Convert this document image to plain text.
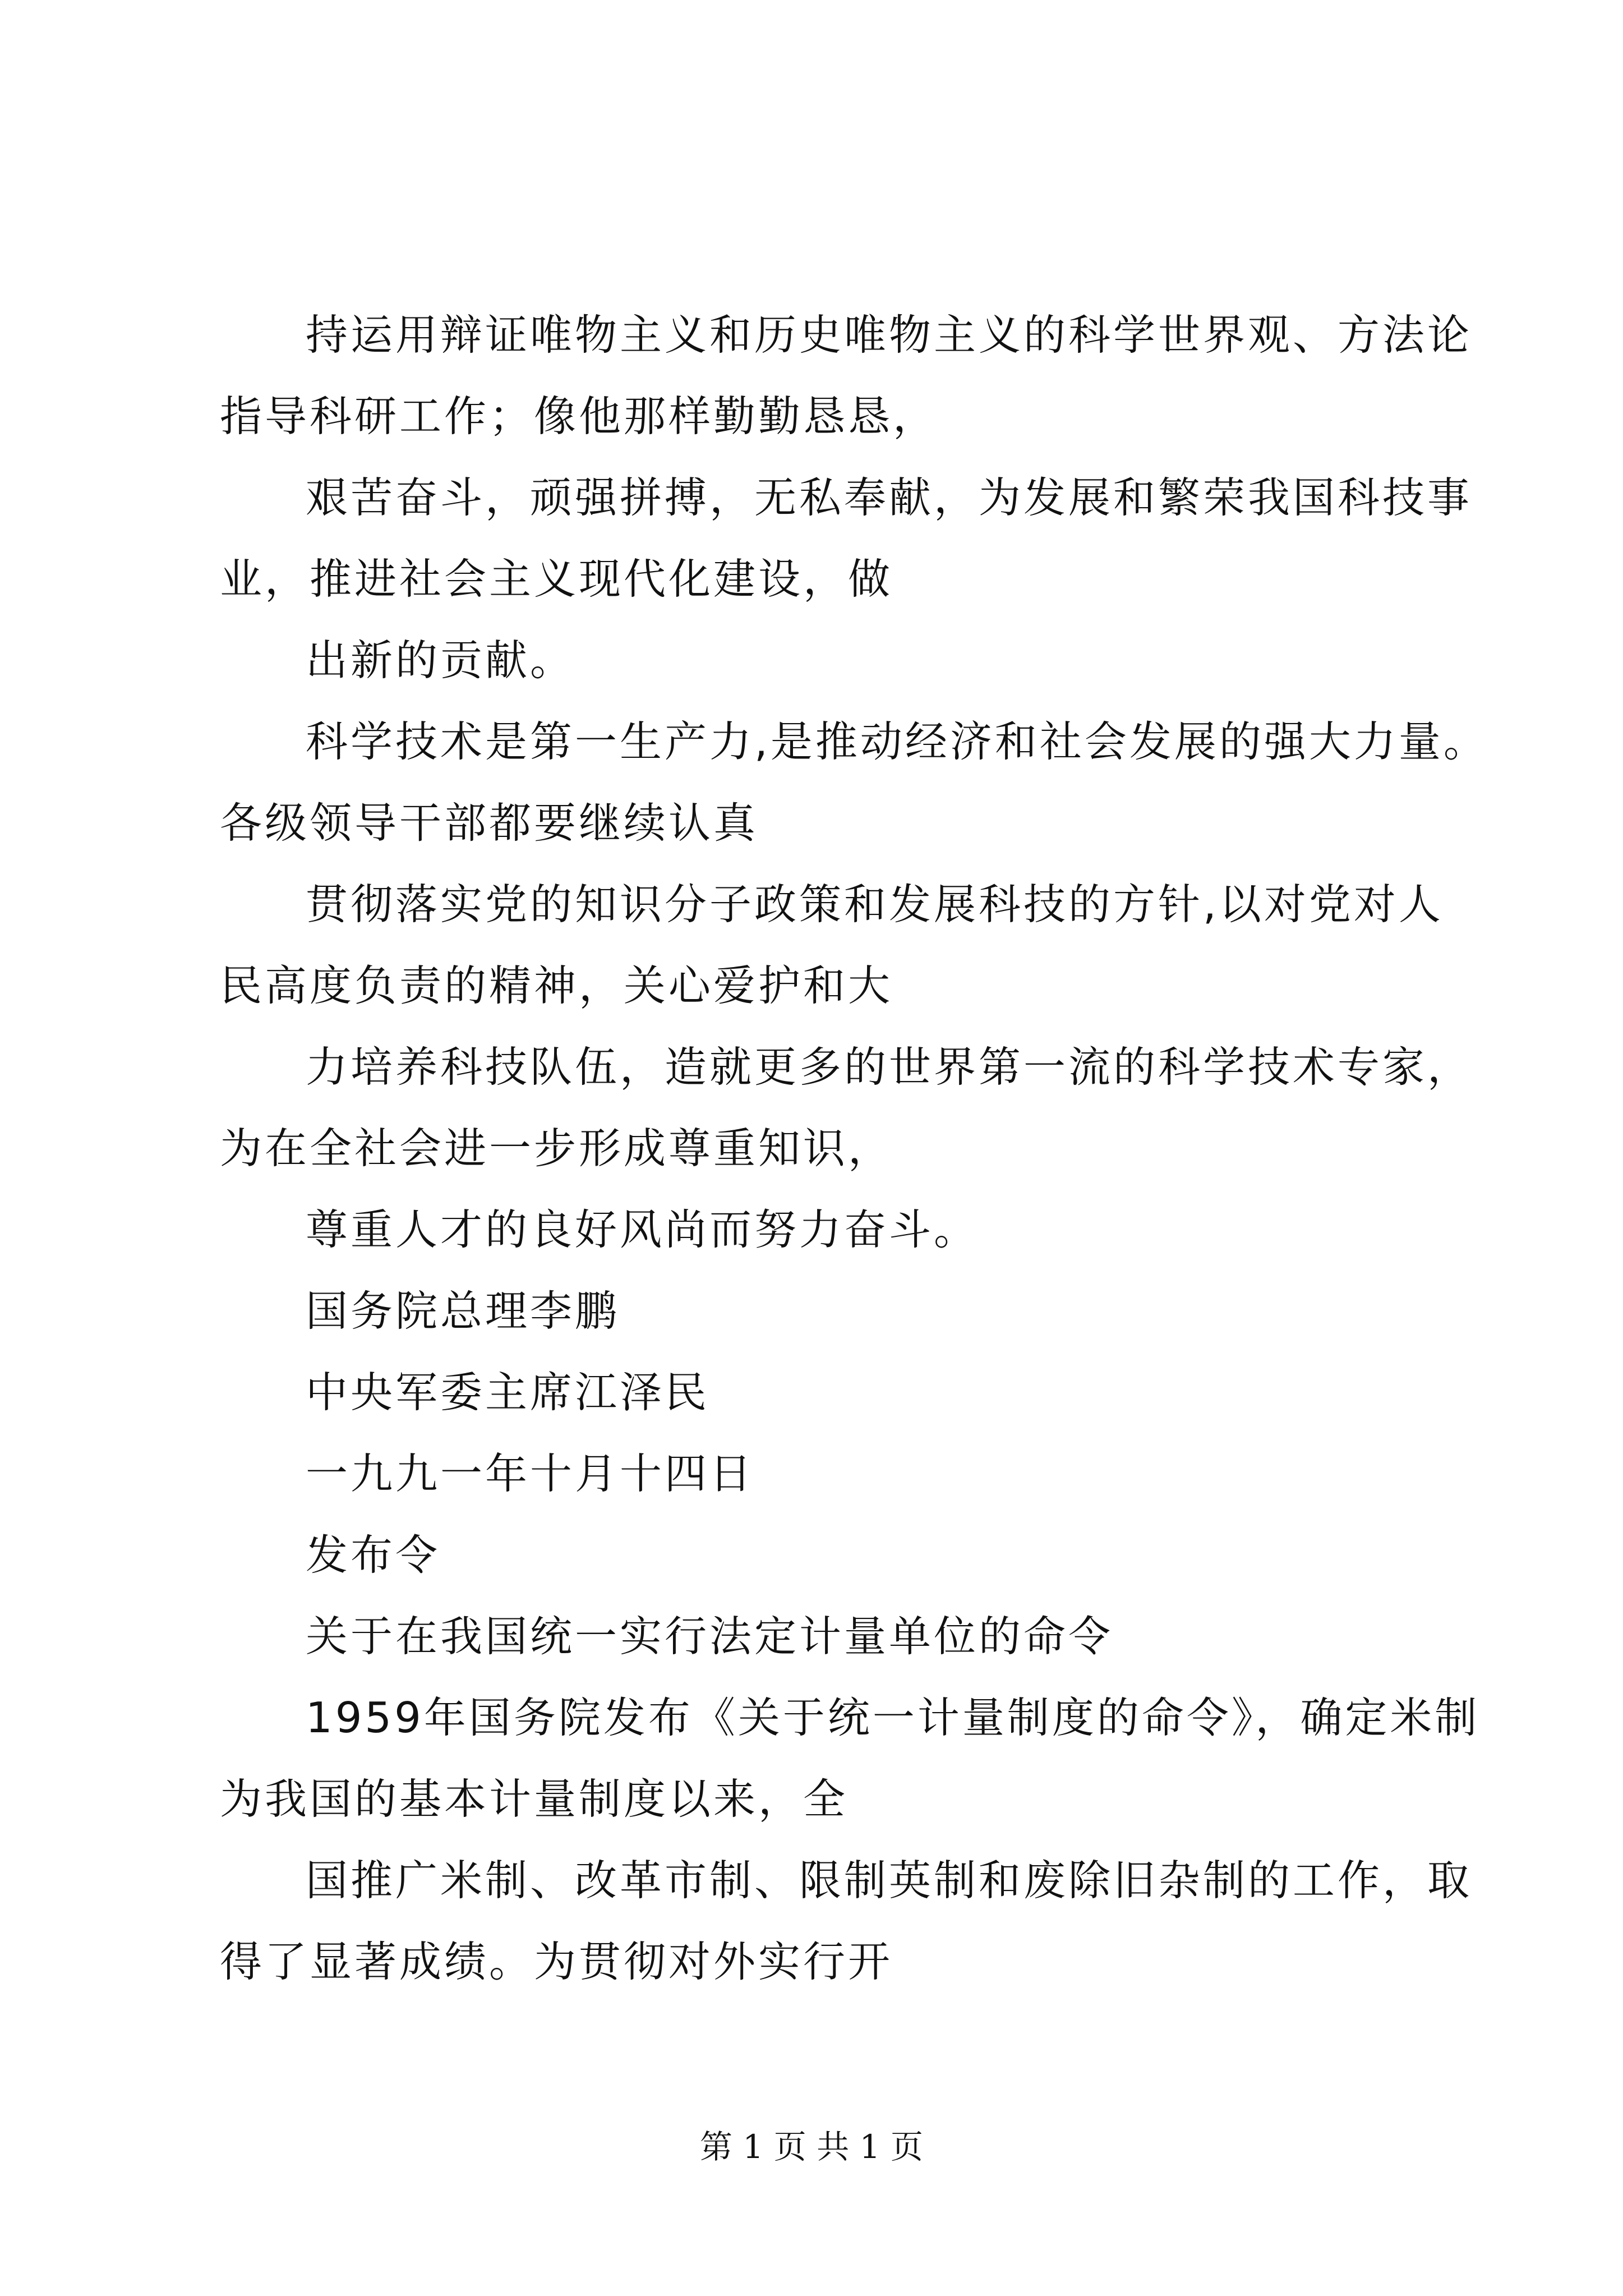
持运用辩证唯物主义和历史唯物主义的科学世界观、方法论
指导科研工作；像他那样勤勤恳恳，
艰苦奋斗，顽强拼搏，无私奉献，为发展和繁荣我国科技事
业，推进社会主义现代化建设，做
出新的贡献。
科学技术是第一生产力,是推动经济和社会发展的强大力量。
各级领导干部都要继续认真
贯彻落实党的知识分子政策和发展科技的方针,以对党对人
民高度负责的精神，关心爱护和大
力培养科技队伍，造就更多的世界第一流的科学技术专家，
为在全社会进一步形成尊重知识，
尊重人才的良好风尚而努力奋斗。
国务院总理李鹏
中央军委主席江泽民
一九九一年十月十四日
发布令
关于在我国统一实行法定计量单位的命令
1959年国务院发布《关于统一计量制度的命令》，确定米制
为我国的基本计量制度以来，全
国推广米制、改革市制、限制英制和废除旧杂制的工作，取
得了显著成绩。为贯彻对外实行开
第 1 页 共 1 页
